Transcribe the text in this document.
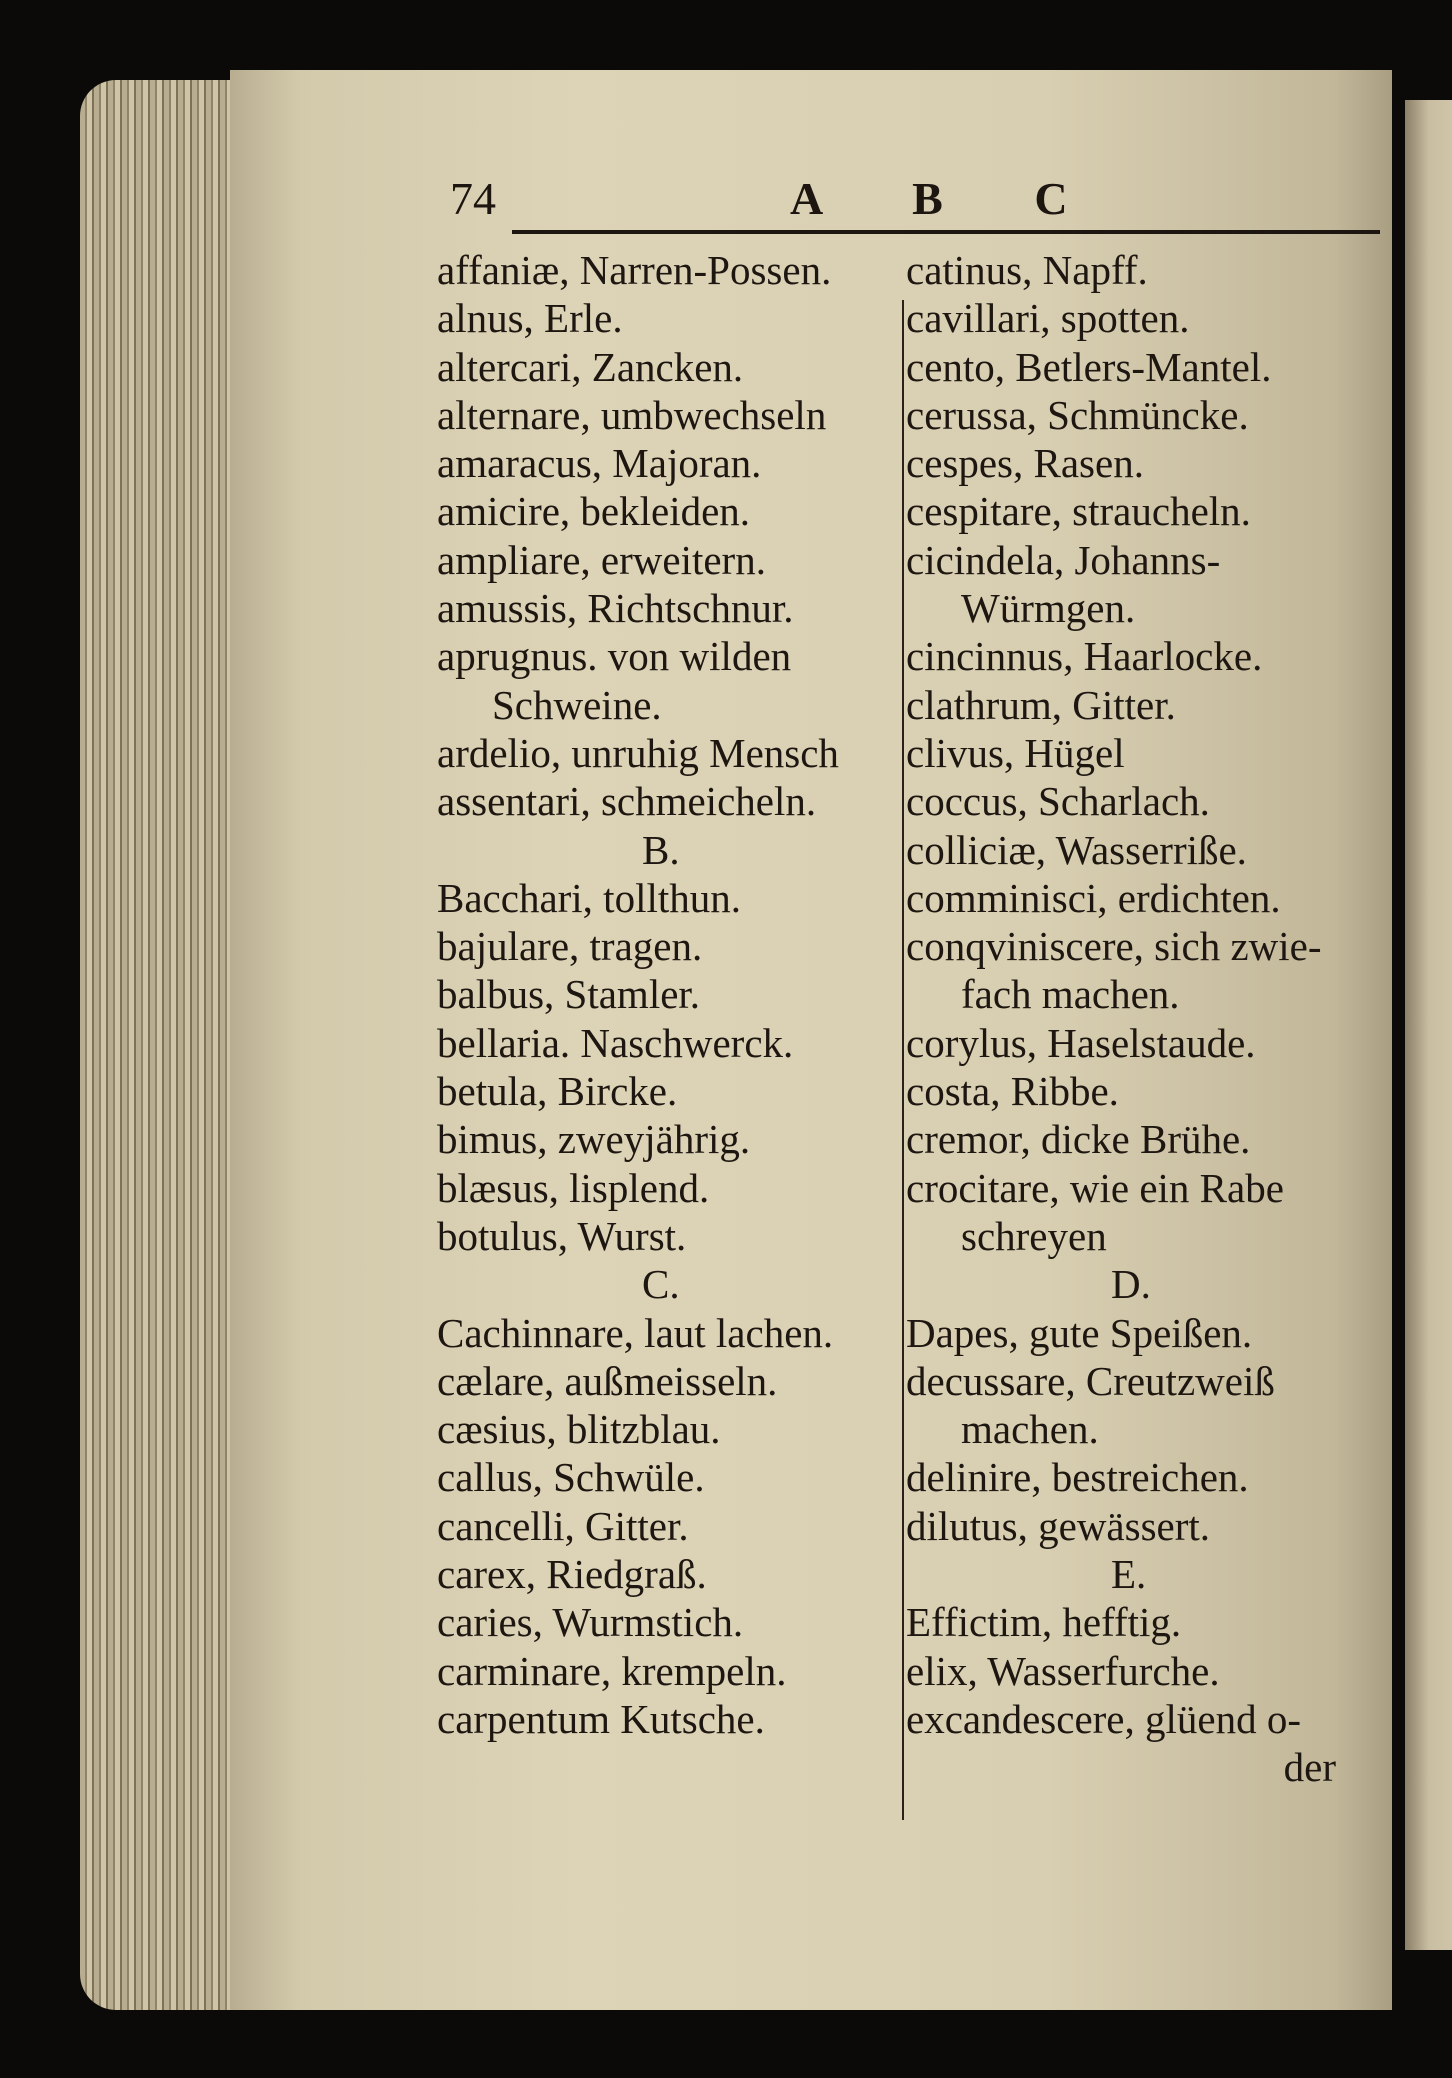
74	A B C
affaniæ, Narren-Possen.
alnus, Erle.
altercari, Zancken.
alternare, umbwechseln
amaracus, Majoran.
amicire, bekleiden.
ampliare, erweitern.
amussis, Richtschnur.
aprugnus. von wilden
Schweine.
ardelio, unruhig Mensch
assentari, schmeicheln.
B.
Bacchari, tollthun.
bajulare, tragen.
balbus, Stamler.
bellaria. Naschwerck.
betula, Bircke.
bimus, zweyjährig.
blæsus, lisplend.
botulus, Wurst.
C.
Cachinnare, laut lachen.
cælare, außmeisseln.
cæsius, blitzblau.
callus, Schwüle.
cancelli, Gitter.
carex, Riedgraß.
caries, Wurmstich.
carminare, krempeln.
carpentum Kutsche.
catinus, Napff.
cavillari, spotten.
cento, Betlers-Mantel.
cerussa, Schmüncke.
cespes, Rasen.
cespitare, straucheln.
cicindela, Johanns-
Würmgen.
cincinnus, Haarlocke.
clathrum, Gitter.
clivus, Hügel
coccus, Scharlach.
colliciæ, Wasserriße.
comminisci, erdichten.
conqviniscere, sich zwie-
fach machen.
corylus, Haselstaude.
costa, Ribbe.
cremor, dicke Brühe.
crocitare, wie ein Rabe
schreyen
D.
Dapes, gute Speißen.
decussare, Creutzweiß
machen.
delinire, bestreichen.
dilutus, gewässert.
E.
Effictim, hefftig.
elix, Wasserfurche.
excandescere, glüend o-
der
